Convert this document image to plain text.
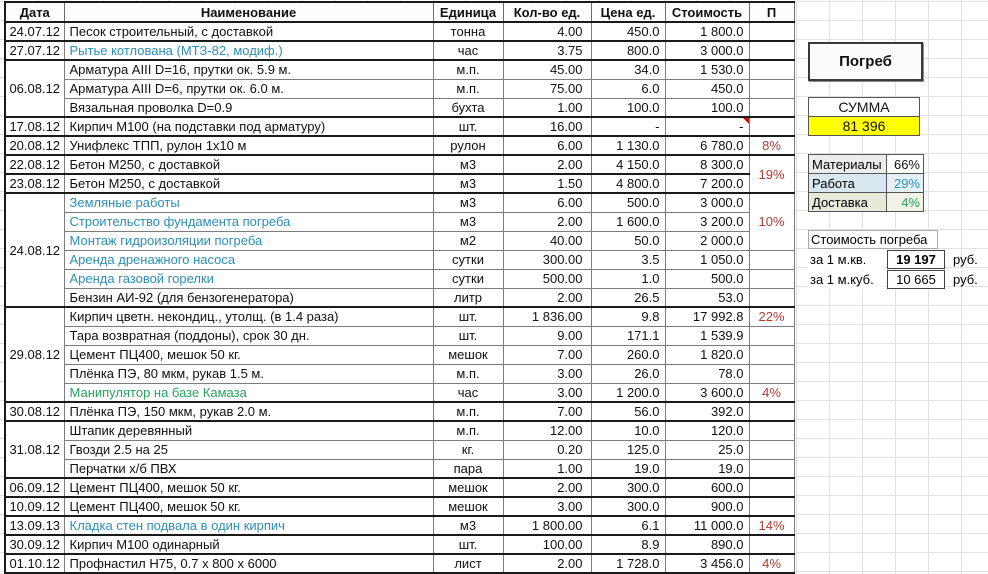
Дата	Наименование	Единица	Кол-во ед.	Цена ед.	Стоимость	П
24.07.12	Песок строительный, с доставкой	тонна	4.00	450.0	1 800.0	
27.07.12	Рытье котлована (МТЗ-82, модиф.)	час	3.75	800.0	3 000.0	
06.08.12	Арматура АIII D=16, прутки ок. 5.9 м.	м.п.	45.00	34.0	1 530.0	
	Арматура АIII D=6, прутки ок. 6.0 м.	м.п.	75.00	6.0	450.0	
	Вязальная проволка D=0.9	бухта	1.00	100.0	100.0	
17.08.12	Кирпич М100 (на подставки под арматуру)	шт.	16.00	-	-

20.08.12	Унифлекс ТПП, рулон 1х10 м	рулон	6.00	1 130.0	6 780.0	8%
22.08.12	Бетон М250, с доставкой	м3	2.00	4 150.0	8 300.0	19%
23.08.12	Бетон М250, с доставкой	м3	1.50	4 800.0	7 200.0	
24.08.12	Земляные работы	м3	6.00	500.0	3 000.0	10%
	Строительство фундамента погреба	м3	2.00	1 600.0	3 200.0	
	Монтаж гидроизоляции погреба	м2	40.00	50.0	2 000.0	
	Аренда дренажного насоса	сутки	300.00	3.5	1 050.0	
	Аренда газовой горелки	сутки	500.00	1.0	500.0	
	Бензин АИ-92 (для бензогенератора)	литр	2.00	26.5	53.0	
29.08.12	Кирпич цветн. некондиц., утолщ. (в 1.4 раза)	шт.	1 836.00	9.8	17 992.8	22%
	Тара возвратная (поддоны), срок 30 дн.	шт.	9.00	171.1	1 539.9	
	Цемент ПЦ400, мешок 50 кг.	мешок	7.00	260.0	1 820.0	
	Плёнка ПЭ, 80 мкм, рукав 1.5 м.	м.п.	3.00	26.0	78.0	
	Манипулятор на базе Камаза	час	3.00	1 200.0	3 600.0	4%
30.08.12	Плёнка ПЭ, 150 мкм, рукав 2.0 м.	м.п.	7.00	56.0	392.0	
31.08.12	Штапик деревянный	м.п.	12.00	10.0	120.0	
	Гвозди 2.5 на 25	кг.	0.20	125.0	25.0	
	Перчатки х/б ПВХ	пара	1.00	19.0	19.0	
06.09.12	Цемент ПЦ400, мешок 50 кг.	мешок	2.00	300.0	600.0	
10.09.12	Цемент ПЦ400, мешок 50 кг.	мешок	3.00	300.0	900.0	
13.09.13	Кладка стен подвала в один кирпич	м3	1 800.00	6.1	11 000.0	14%
30.09.12	Кирпич М100 одинарный	шт.	100.00	8.9	890.0	
01.10.12	Профнастил Н75, 0.7 х 800 х 6000	лист	2.00	1 728.0	3 456.0	4%
Погреб
СУММА
81 396
Материалы	66%
Работа	29%
Доставка	4%
Стоимость погреба
за 1 м.кв.	19 197	руб.
за 1 м.куб.	10 665	руб.
